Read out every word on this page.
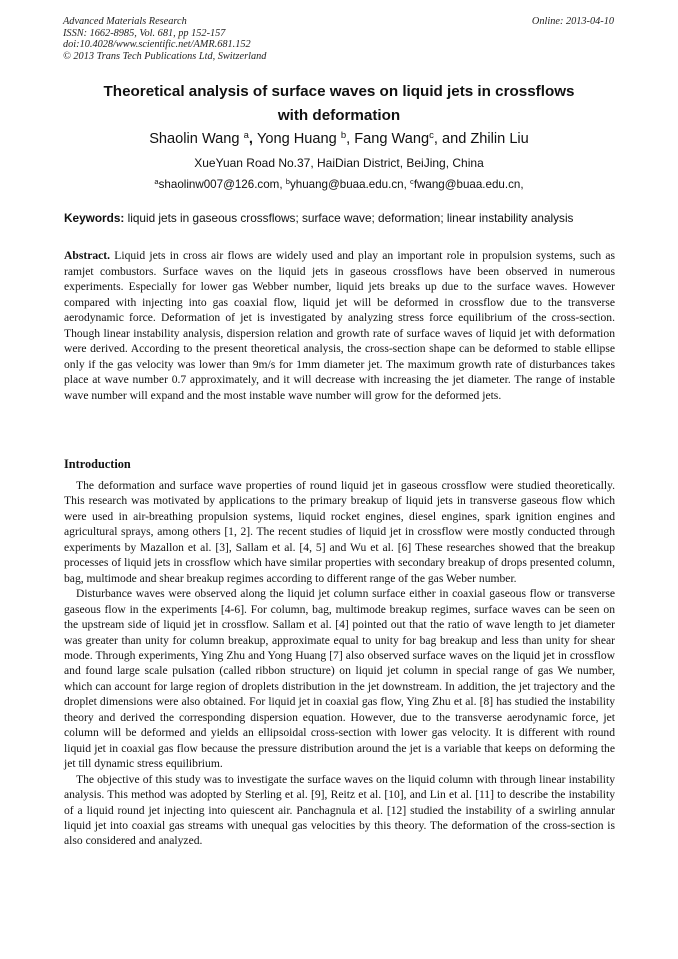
Advanced Materials Research
ISSN: 1662-8985, Vol. 681, pp 152-157
doi:10.4028/www.scientific.net/AMR.681.152
© 2013 Trans Tech Publications Ltd, Switzerland
Online: 2013-04-10
Theoretical analysis of surface waves on liquid jets in crossflows
with deformation
Shaolin Wang $^a$, Yong Huang $^b$, Fang Wang$^c$, and Zhilin Liu
XueYuan Road No.37, HaiDian District, BeiJing, China
$^a$shaolinw007@126.com, $^b$yhuang@buaa.edu.cn, $^c$fwang@buaa.edu.cn,
Keywords: liquid jets in gaseous crossflows; surface wave; deformation; linear instability analysis
Abstract. Liquid jets in cross air flows are widely used and play an important role in propulsion systems, such as ramjet combustors. Surface waves on the liquid jets in gaseous crossflows have been observed in numerous experiments. Especially for lower gas Webber number, liquid jets breaks up due to the surface waves. However compared with injecting into gas coaxial flow, liquid jet will be deformed in crossflow due to the transverse aerodynamic force. Deformation of jet is investigated by analyzing stress force equilibrium of the cross-section. Though linear instability analysis, dispersion relation and growth rate of surface waves of liquid jet with deformation were derived. According to the present theoretical analysis, the cross-section shape can be deformed to stable ellipse only if the gas velocity was lower than 9m/s for 1mm diameter jet. The maximum growth rate of disturbances takes place at wave number 0.7 approximately, and it will decrease with increasing the jet diameter. The range of instable wave number will expand and the most instable wave number will grow for the deformed jets.
Introduction

The deformation and surface wave properties of round liquid jet in gaseous crossflow were studied theoretically. This research was motivated by applications to the primary breakup of liquid jets in transverse gaseous flow which were used in air-breathing propulsion systems, liquid rocket engines, diesel engines, spark ignition engines and agricultural sprays, among others [1, 2]. The recent studies of liquid jet in crossflow were mostly conducted through experiments by Mazallon et al. [3], Sallam et al. [4, 5] and Wu et al. [6] These researches showed that the breakup processes of liquid jets in crossflow which have similar properties with secondary breakup of drops presented column, bag, multimode and shear breakup regimes according to different range of the gas Weber number.

Disturbance waves were observed along the liquid jet column surface either in coaxial gaseous flow or transverse gaseous flow in the experiments [4-6]. For column, bag, multimode breakup regimes, surface waves can be seen on the upstream side of liquid jet in crossflow. Sallam et al. [4] pointed out that the ratio of wave length to jet diameter was greater than unity for column breakup, approximate equal to unity for bag breakup and less than unity for shear mode. Through experiments, Ying Zhu and Yong Huang [7] also observed surface waves on the liquid jet in crossflow and found large scale pulsation (called ribbon structure) on liquid jet column in special range of gas We number, which can account for large region of droplets distribution in the jet downstream. In addition, the jet trajectory and the droplet dimensions were also obtained. For liquid jet in coaxial gas flow, Ying Zhu et al. [8] has studied the instability theory and derived the corresponding dispersion equation. However, due to the transverse aerodynamic force, jet column will be deformed and yields an ellipsoidal cross-section with lower gas velocity. It is different with round liquid jet in coaxial gas flow because the pressure distribution around the jet is a variable that keeps on deforming the jet till dynamic stress equilibrium.

The objective of this study was to investigate the surface waves on the liquid column with through linear instability analysis. This method was adopted by Sterling et al. [9], Reitz et al. [10], and Lin et al. [11] to describe the instability of a liquid round jet injecting into quiescent air. Panchagnula et al. [12] studied the instability of a swirling annular liquid jet into coaxial gas streams with unequal gas velocities by this theory. The deformation of the cross-section is also considered and analyzed.
